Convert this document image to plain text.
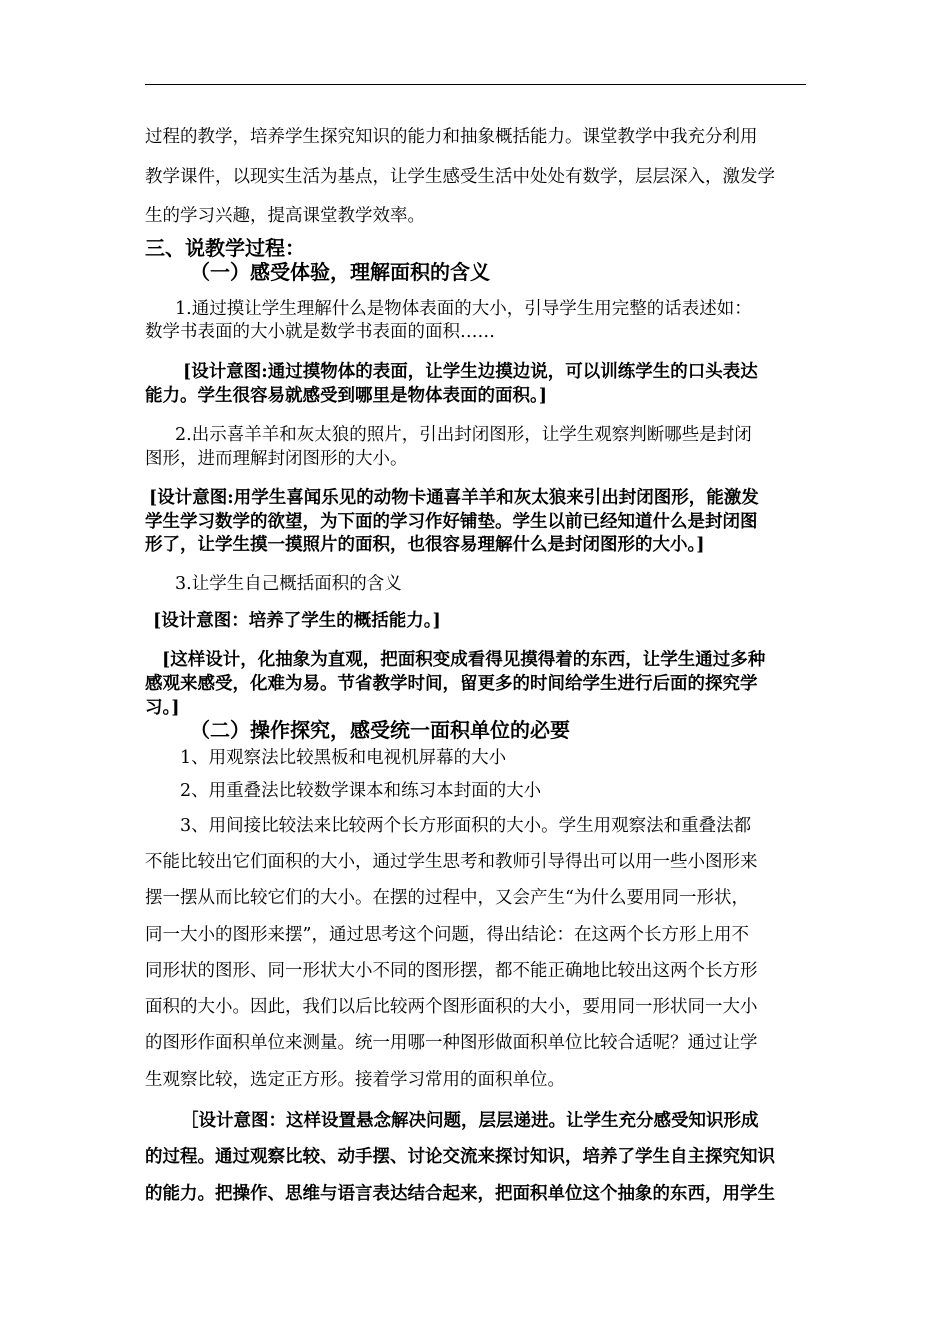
过程的教学，培养学生探究知识的能力和抽象概括能力。课堂教学中我充分利用
教学课件，以现实生活为基点，让学生感受生活中处处有数学，层层深入，激发学
生的学习兴趣，提高课堂教学效率。
三、说教学过程：
（一）感受体验，理解面积的含义
1.通过摸让学生理解什么是物体表面的大小，引导学生用完整的话表述如：
数学书表面的大小就是数学书表面的面积……
[设计意图:通过摸物体的表面，让学生边摸边说，可以训练学生的口头表达
能力。学生很容易就感受到哪里是物体表面的面积。]
2.出示喜羊羊和灰太狼的照片，引出封闭图形，让学生观察判断哪些是封闭
图形，进而理解封闭图形的大小。
[设计意图:用学生喜闻乐见的动物卡通喜羊羊和灰太狼来引出封闭图形，能激发
学生学习数学的欲望，为下面的学习作好铺垫。学生以前已经知道什么是封闭图
形了，让学生摸一摸照片的面积，也很容易理解什么是封闭图形的大小。]
3.让学生自己概括面积的含义
[设计意图：培养了学生的概括能力。]
[这样设计，化抽象为直观，把面积变成看得见摸得着的东西，让学生通过多种
感观来感受，化难为易。节省教学时间，留更多的时间给学生进行后面的探究学
习。]
（二）操作探究，感受统一面积单位的必要
1、用观察法比较黑板和电视机屏幕的大小
2、用重叠法比较数学课本和练习本封面的大小
3、用间接比较法来比较两个长方形面积的大小。学生用观察法和重叠法都
不能比较出它们面积的大小，通过学生思考和教师引导得出可以用一些小图形来
摆一摆从而比较它们的大小。在摆的过程中，又会产生“为什么要用同一形状，
同一大小的图形来摆”，通过思考这个问题，得出结论：在这两个长方形上用不
同形状的图形、同一形状大小不同的图形摆，都不能正确地比较出这两个长方形
面积的大小。因此，我们以后比较两个图形面积的大小，要用同一形状同一大小
的图形作面积单位来测量。统一用哪一种图形做面积单位比较合适呢？通过让学
生观察比较，选定正方形。接着学习常用的面积单位。
［设计意图：这样设置悬念解决问题，层层递进。让学生充分感受知识形成
的过程。通过观察比较、动手摆、讨论交流来探讨知识，培养了学生自主探究知识
的能力。把操作、思维与语言表达结合起来，把面积单位这个抽象的东西，用学生
